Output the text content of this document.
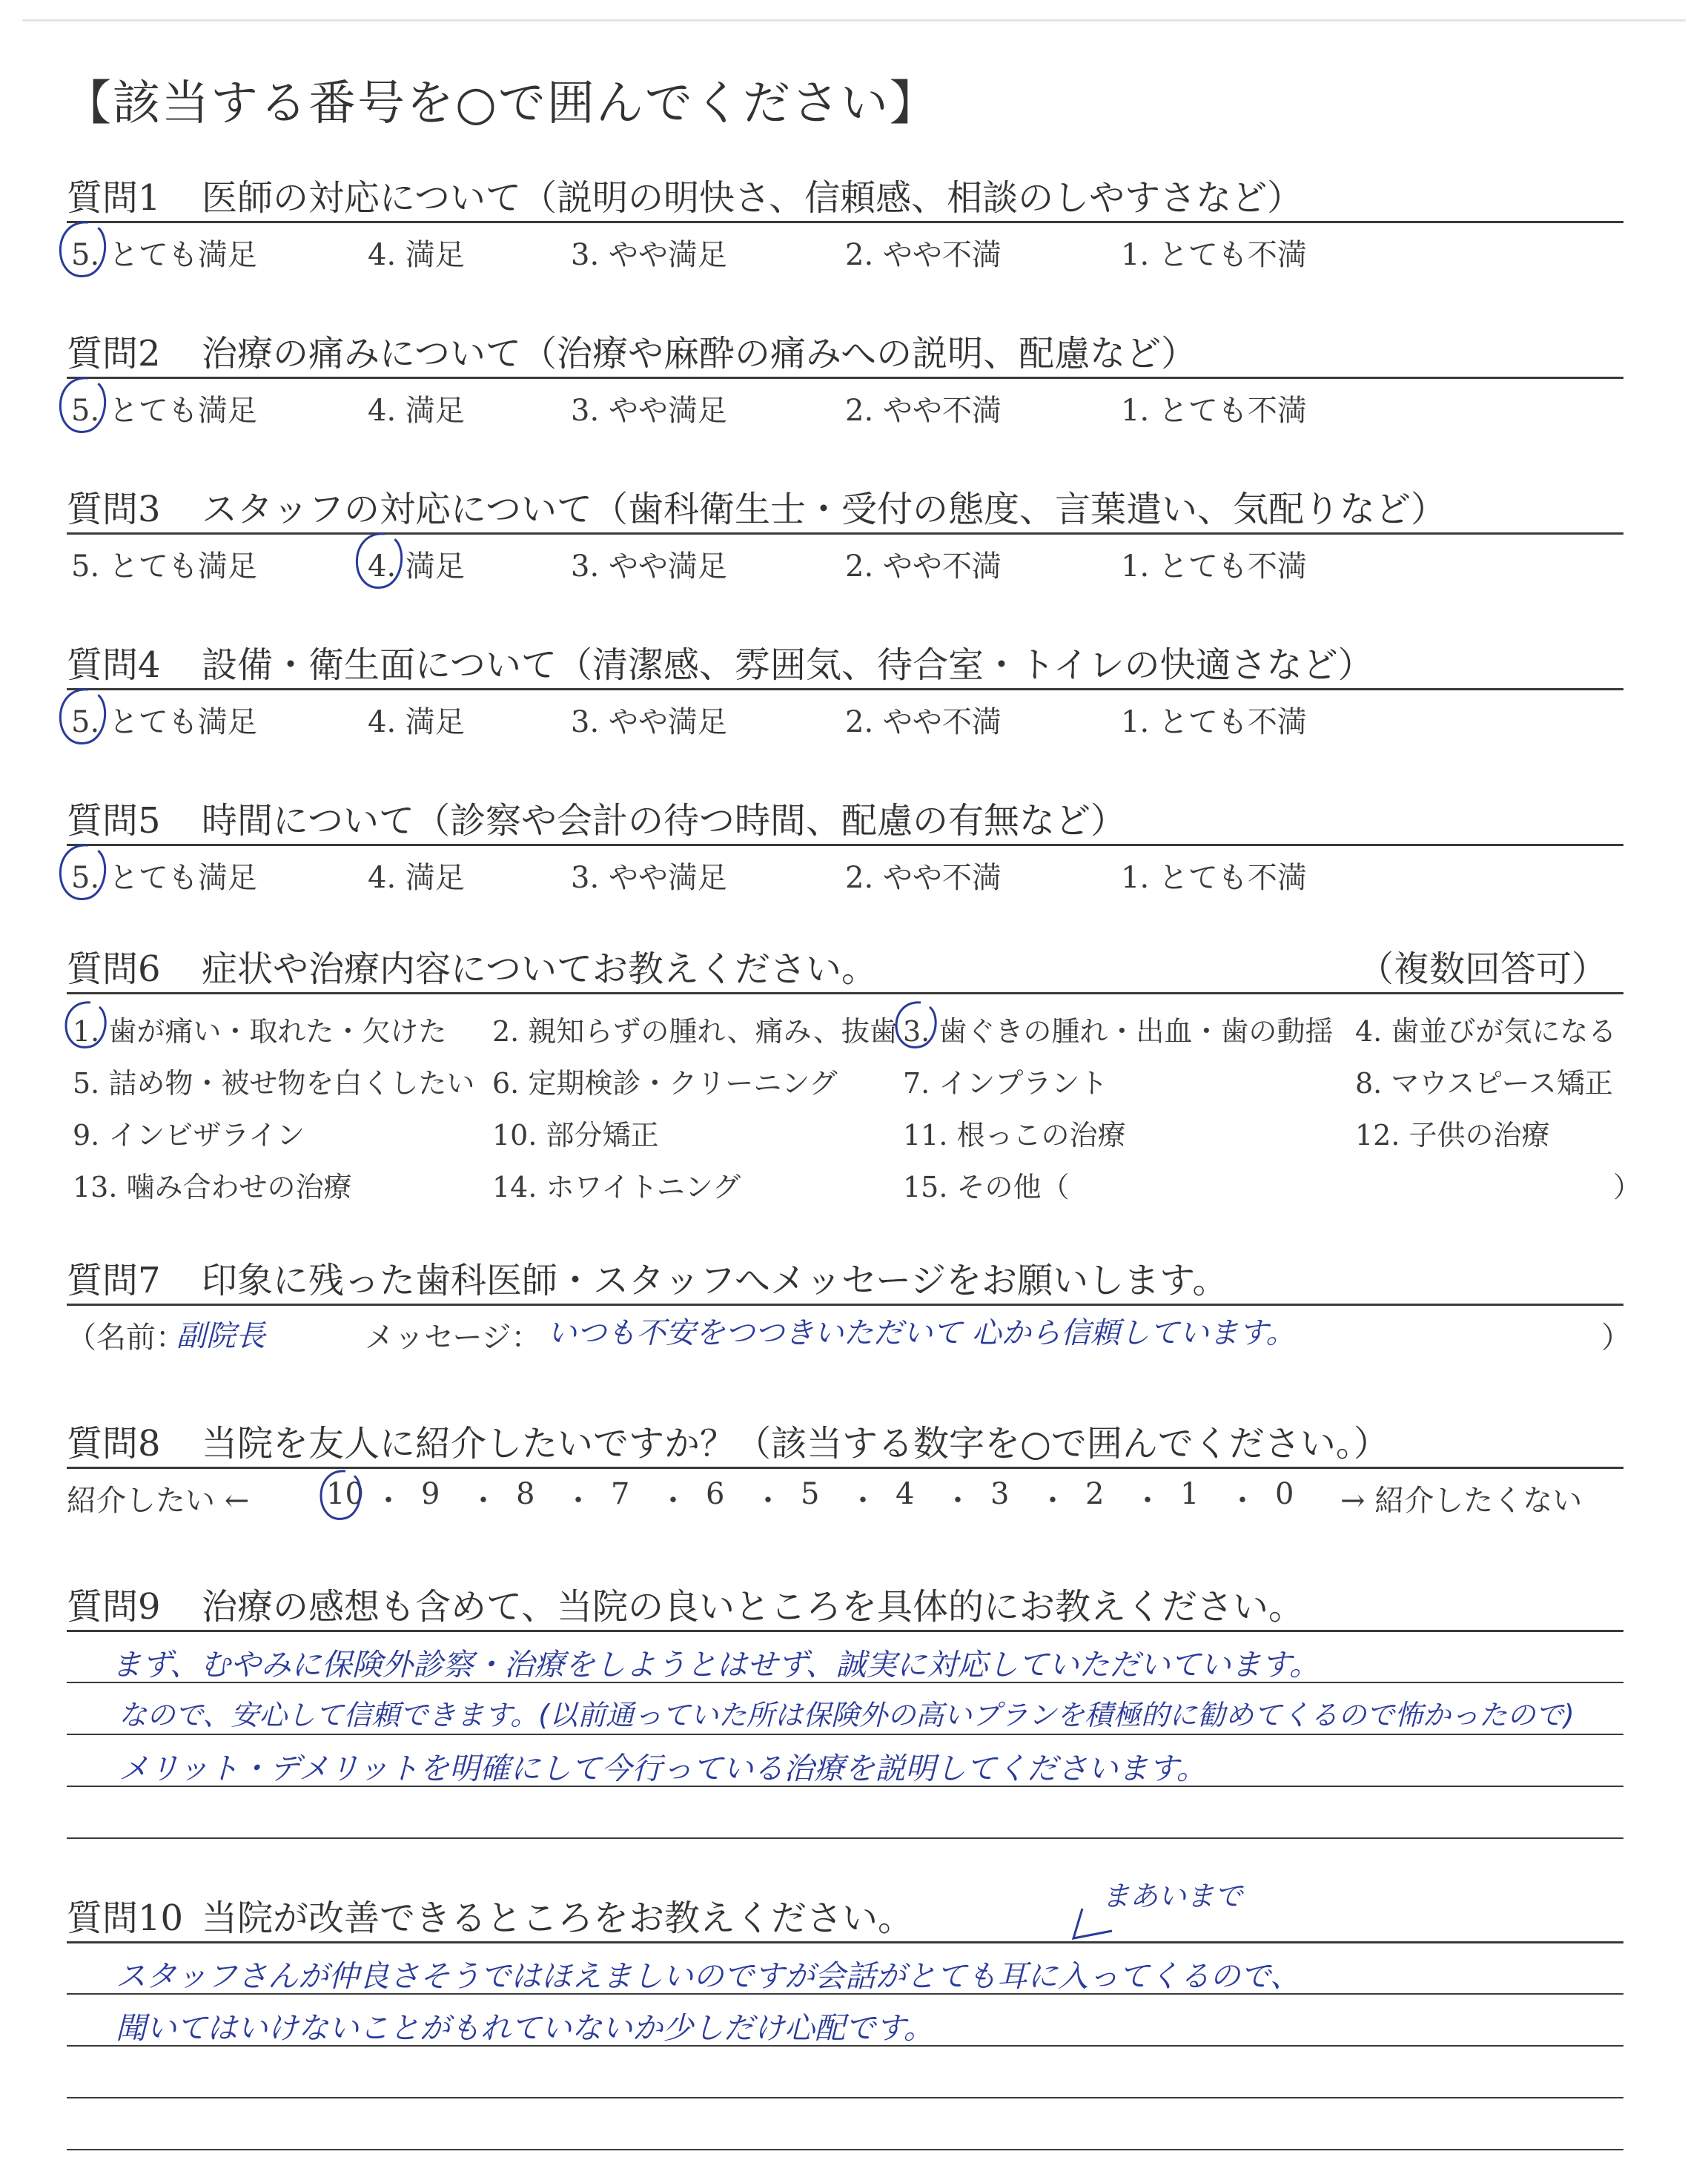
【該当する番号を○で囲んでください】
質問1 医師の対応について（説明の明快さ、信頼感、相談のしやすさなど）
5. とても満足	4. 満足	3. やや満足	2. やや不満	1. とても不満
質問2 治療の痛みについて（治療や麻酔の痛みへの説明、配慮など）
5. とても満足	4. 満足	3. やや満足	2. やや不満	1. とても不満
質問3 スタッフの対応について（歯科衛生士・受付の態度、言葉遣い、気配りなど）
5. とても満足	4. 満足	3. やや満足	2. やや不満	1. とても不満
質問4 設備・衛生面について（清潔感、雰囲気、待合室・トイレの快適さなど）
5. とても満足	4. 満足	3. やや満足	2. やや不満	1. とても不満
質問5 時間について（診察や会計の待つ時間、配慮の有無など）
5. とても満足	4. 満足	3. やや満足	2. やや不満	1. とても不満
質問6 症状や治療内容についてお教えください。	（複数回答可）
1. 歯が痛い・取れた・欠けた 2. 親知らずの腫れ、痛み、抜歯 3. 歯ぐきの腫れ・出血・歯の動揺 4. 歯並びが気になる
5. 詰め物・被せ物を白くしたい 6. 定期検診・クリーニング 7. インプラント	8. マウスピース矯正
9. インビザライン	10. 部分矯正	11. 根っこの治療	12. 子供の治療
13. 噛み合わせの治療	14. ホワイトニング	15. その他（	）
質問7 印象に残った歯科医師・スタッフへメッセージをお願いします。
（名前：
副院長	メッセージ： いつも不安をつつきいただいて 心から信頼しています。	）
質問8 当院を友人に紹介したいですか？（該当する数字を○で囲んでください。）
紹介したい ←	→ 紹介したくない
10 ・ 9 ・ 8 ・ 7 ・ 6 ・ 5 ・ 4 ・ 3 ・ 2 ・ 1 ・ 0
質問9 治療の感想も含めて、当院の良いところを具体的にお教えください。
まず、むやみに保険外診察・治療をしようとはせず、誠実に対応していただいています。
なので、安心して信頼できます。(以前通っていた所は保険外の高いプランを積極的に勧めてくるので怖かったので)
メリット・デメリットを明確にして今行っている治療を説明してくださいます。
質問10 当院が改善できるところをお教えください。
まあいまで
スタッフさんが仲良さそうではほえましいのですが会話がとても耳に入ってくるので、
聞いてはいけないことがもれていないか少しだけ心配です。
